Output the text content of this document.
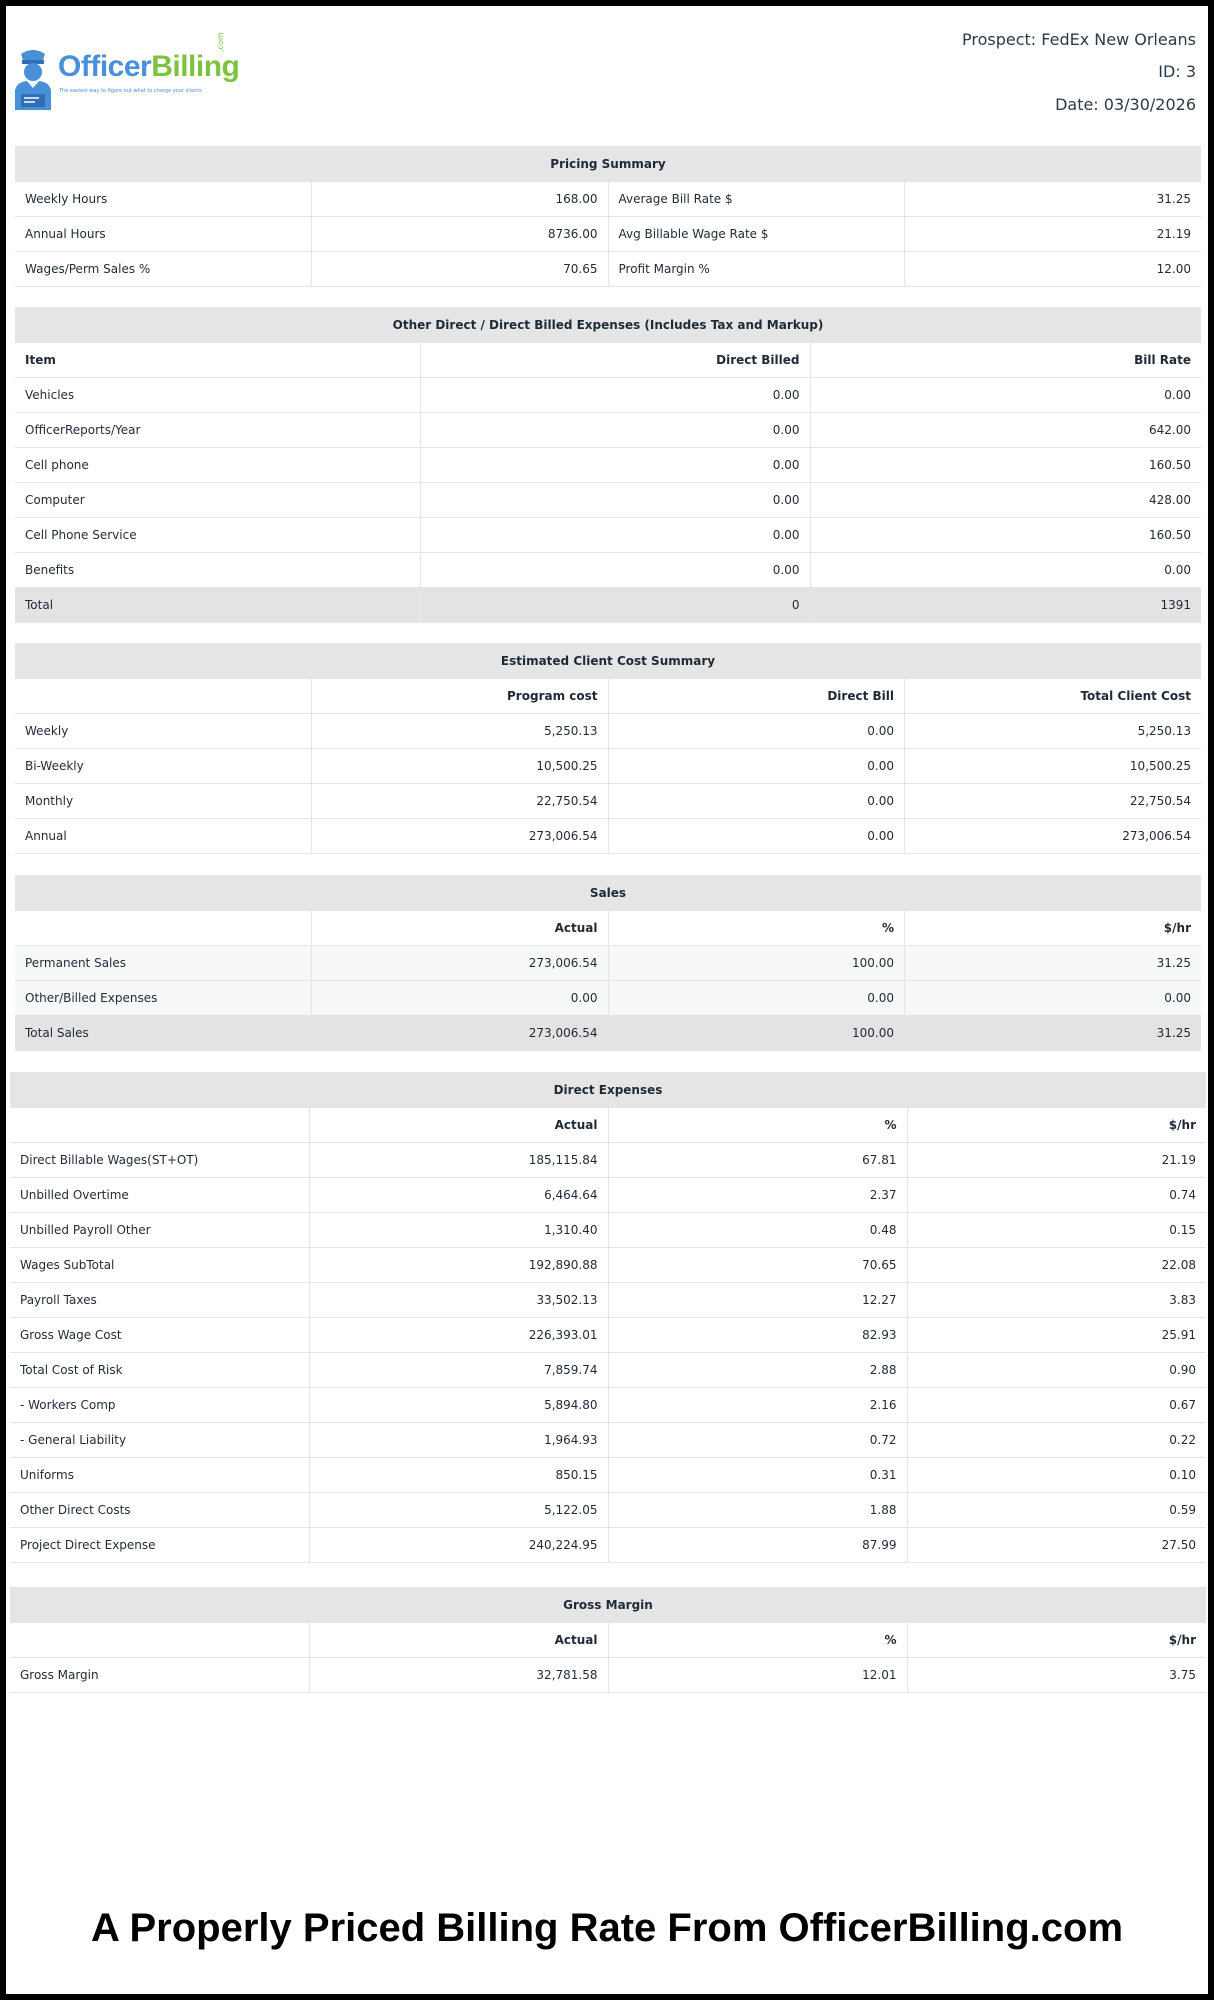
OfficerBilling
.com
The easiest way to figure out what to charge your clients
Prospect: FedEx New Orleans
ID: 3
Date: 03/30/2026
Pricing Summary
Weekly Hours	168.00	Average Bill Rate $	31.25
Annual Hours	8736.00	Avg Billable Wage Rate $	21.19
Wages/Perm Sales %	70.65	Profit Margin %	12.00
Other Direct / Direct Billed Expenses (Includes Tax and Markup)
Item	Direct Billed	Bill Rate
Vehicles	0.00	0.00
OfficerReports/Year	0.00	642.00
Cell phone	0.00	160.50
Computer	0.00	428.00
Cell Phone Service	0.00	160.50
Benefits	0.00	0.00
Total	0	1391
Estimated Client Cost Summary
	Program cost	Direct Bill	Total Client Cost
Weekly	5,250.13	0.00	5,250.13
Bi-Weekly	10,500.25	0.00	10,500.25
Monthly	22,750.54	0.00	22,750.54
Annual	273,006.54	0.00	273,006.54
Sales
	Actual	%	$/hr
Permanent Sales	273,006.54	100.00	31.25
Other/Billed Expenses	0.00	0.00	0.00
Total Sales	273,006.54	100.00	31.25
Direct Expenses
	Actual	%	$/hr
Direct Billable Wages(ST+OT)	185,115.84	67.81	21.19
Unbilled Overtime	6,464.64	2.37	0.74
Unbilled Payroll Other	1,310.40	0.48	0.15
Wages SubTotal	192,890.88	70.65	22.08
Payroll Taxes	33,502.13	12.27	3.83
Gross Wage Cost	226,393.01	82.93	25.91
Total Cost of Risk	7,859.74	2.88	0.90
- Workers Comp	5,894.80	2.16	0.67
- General Liability	1,964.93	0.72	0.22
Uniforms	850.15	0.31	0.10
Other Direct Costs	5,122.05	1.88	0.59
Project Direct Expense	240,224.95	87.99	27.50
Gross Margin
	Actual	%	$/hr
Gross Margin	32,781.58	12.01	3.75
A Properly Priced Billing Rate From OfficerBilling.com
